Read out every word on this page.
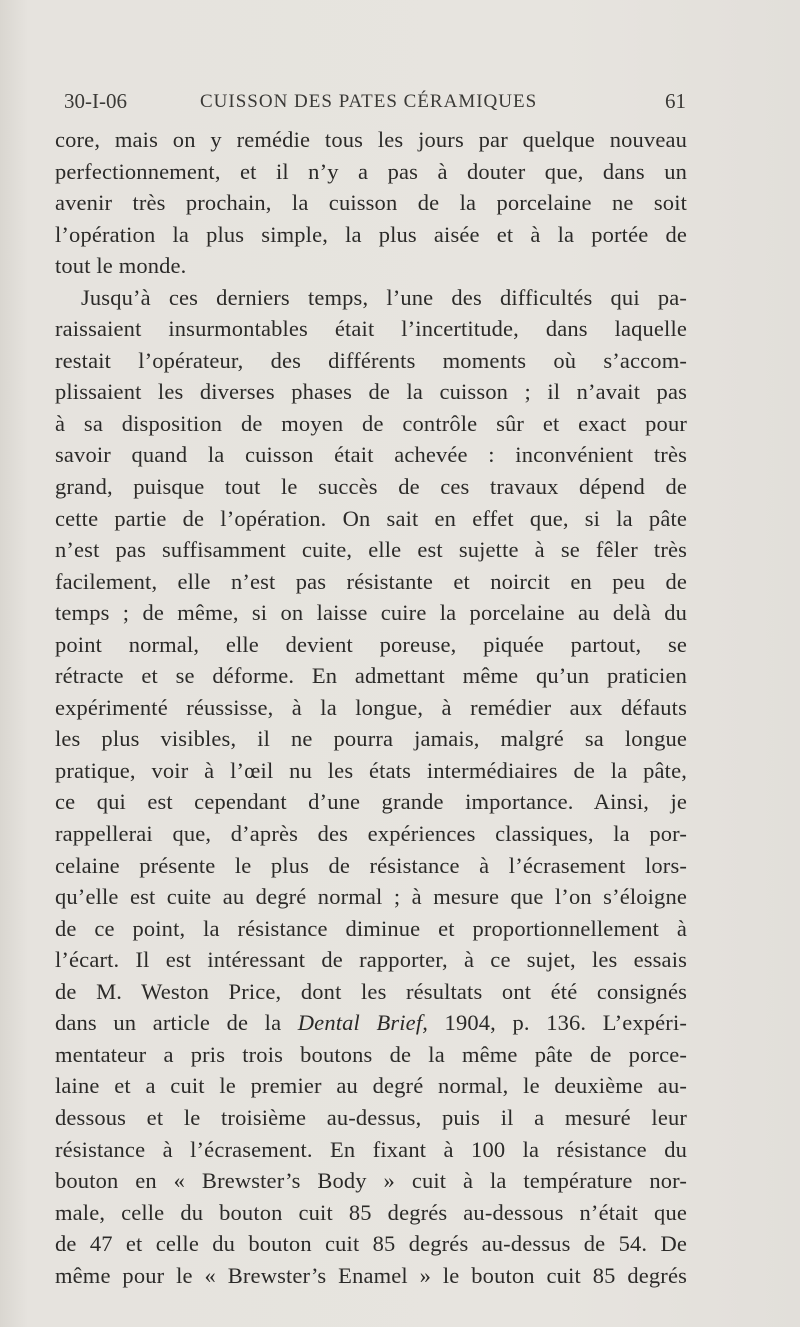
30-I-06	CUISSON DES PATES CÉRAMIQUES	61
core, mais on y remédie tous les jours par quelque nouveau
perfectionnement, et il n’y a pas à douter que, dans un
avenir très prochain, la cuisson de la porcelaine ne soit
l’opération la plus simple, la plus aisée et à la portée de
tout le monde.
Jusqu’à ces derniers temps, l’une des difficultés qui pa-
raissaient insurmontables était l’incertitude, dans laquelle
restait l’opérateur, des différents moments où s’accom-
plissaient les diverses phases de la cuisson ; il n’avait pas
à sa disposition de moyen de contrôle sûr et exact pour
savoir quand la cuisson était achevée : inconvénient très
grand, puisque tout le succès de ces travaux dépend de
cette partie de l’opération. On sait en effet que, si la pâte
n’est pas suffisamment cuite, elle est sujette à se fêler très
facilement, elle n’est pas résistante et noircit en peu de
temps ; de même, si on laisse cuire la porcelaine au delà du
point normal, elle devient poreuse, piquée partout, se
rétracte et se déforme. En admettant même qu’un praticien
expérimenté réussisse, à la longue, à remédier aux défauts
les plus visibles, il ne pourra jamais, malgré sa longue
pratique, voir à l’œil nu les états intermédiaires de la pâte,
ce qui est cependant d’une grande importance. Ainsi, je
rappellerai que, d’après des expériences classiques, la por-
celaine présente le plus de résistance à l’écrasement lors-
qu’elle est cuite au degré normal ; à mesure que l’on s’éloigne
de ce point, la résistance diminue et proportionnellement à
l’écart. Il est intéressant de rapporter, à ce sujet, les essais
de M. Weston Price, dont les résultats ont été consignés
dans un article de la Dental Brief, 1904, p. 136. L’expéri-
mentateur a pris trois boutons de la même pâte de porce-
laine et a cuit le premier au degré normal, le deuxième au-
dessous et le troisième au-dessus, puis il a mesuré leur
résistance à l’écrasement. En fixant à 100 la résistance du
bouton en « Brewster’s Body » cuit à la température nor-
male, celle du bouton cuit 85 degrés au-dessous n’était que
de 47 et celle du bouton cuit 85 degrés au-dessus de 54. De
même pour le « Brewster’s Enamel » le bouton cuit 85 degrés
